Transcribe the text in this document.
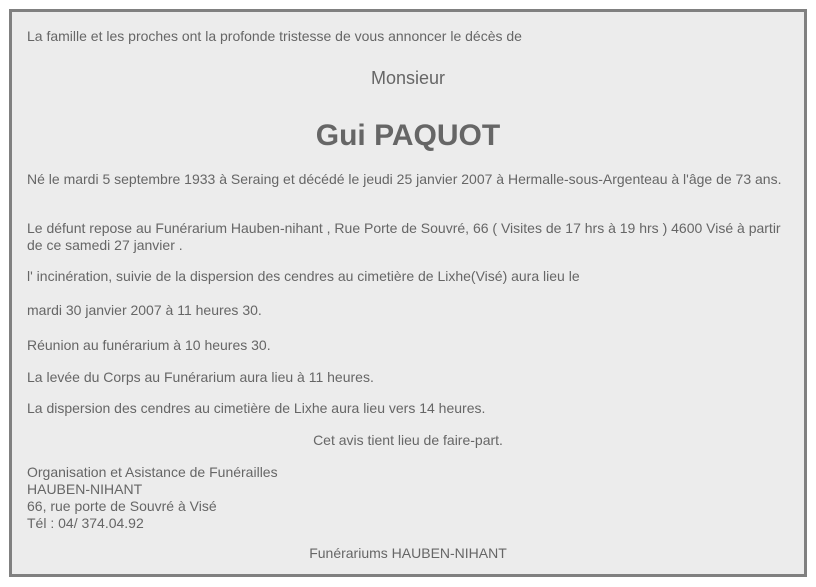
La famille et les proches ont la profonde tristesse de vous annoncer le décès de

Monsieur

Gui PAQUOT

Né le mardi 5 septembre 1933 à Seraing et décédé le jeudi 25 janvier 2007 à Hermalle-sous-Argenteau à l'âge de 73 ans.

Le défunt repose au Funérarium Hauben-nihant , Rue Porte de Souvré, 66 ( Visites de 17 hrs à 19 hrs ) 4600 Visé à partir de ce samedi 27 janvier .

l' incinération, suivie de la dispersion des cendres au cimetière de Lixhe(Visé) aura lieu le

mardi 30 janvier 2007 à 11 heures 30.

Réunion au funérarium à 10 heures 30.

La levée du Corps au Funérarium aura lieu à 11 heures.

La dispersion des cendres au cimetière de Lixhe aura lieu vers 14 heures.

Cet avis tient lieu de faire-part.

Organisation et Asistance de Funérailles

HAUBEN-NIHANT

66, rue porte de Souvré à Visé

Tél : 04/ 374.04.92

Funérariums HAUBEN-NIHANT
